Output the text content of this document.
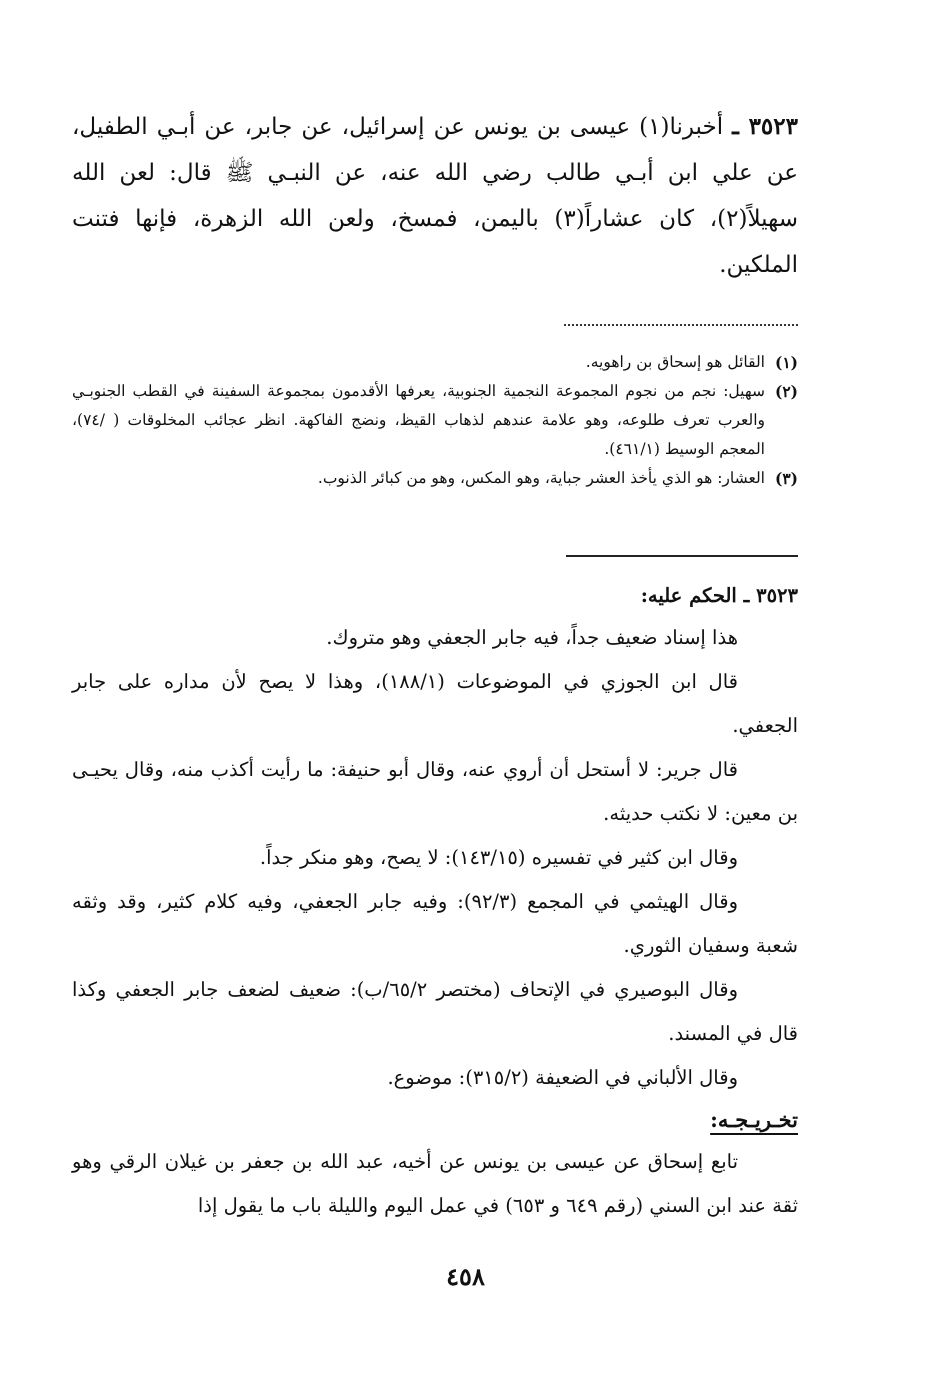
٣٥٢٣ ـ أخبرنا(١) عيسى بن يونس عن إسرائيل، عن جابر، عن أبـي الطفيل، عن علي ابن أبـي طالب رضي الله عنه، عن النبـي ﷺ قال: لعن الله سهيلاً(٢)، كان عشاراً(٣) باليمن، فمسخ، ولعن الله الزهرة، فإنها فتنت الملكين.

(١)
القائل هو إسحاق بن راهويه.
(٢)
سهيل: نجم من نجوم المجموعة النجمية الجنوبية، يعرفها الأقدمون بمجموعة السفينة في القطب الجنوبـي والعرب تعرف طلوعه، وهو علامة عندهم لذهاب القيظ، ونضج الفاكهة. انظر عجائب المخلوقات ( /٧٤)، المعجم الوسيط (٤٦١/١).
(٣)
العشار: هو الذي يأخذ العشر جباية، وهو المكس، وهو من كبائر الذنوب.

٣٥٢٣ ـ الحكم عليه:

هذا إسناد ضعيف جداً، فيه جابر الجعفي وهو متروك.

قال ابن الجوزي في الموضوعات (١٨٨/١)، وهذا لا يصح لأن مداره على جابر الجعفي.

قال جرير: لا أستحل أن أروي عنه، وقال أبو حنيفة: ما رأيت أكذب منه، وقال يحيـى بن معين: لا نكتب حديثه.

وقال ابن كثير في تفسيره (١٤٣/١٥): لا يصح، وهو منكر جداً.

وقال الهيثمي في المجمع (٩٢/٣): وفيه جابر الجعفي، وفيه كلام كثير، وقد وثقه شعبة وسفيان الثوري.

وقال البوصيري في الإتحاف (مختصر ٦٥/٢/ب): ضعيف لضعف جابر الجعفي وكذا قال في المسند.

وقال الألباني في الضعيفة (٣١٥/٢): موضوع.

تخـريـجـه:

تابع إسحاق عن عيسى بن يونس عن أخيه، عبد الله بن جعفر بن غيلان الرقي وهو ثقة عند ابن السني (رقم ٦٤٩ و ٦٥٣) في عمل اليوم والليلة باب ما يقول إذا

٤٥٨
